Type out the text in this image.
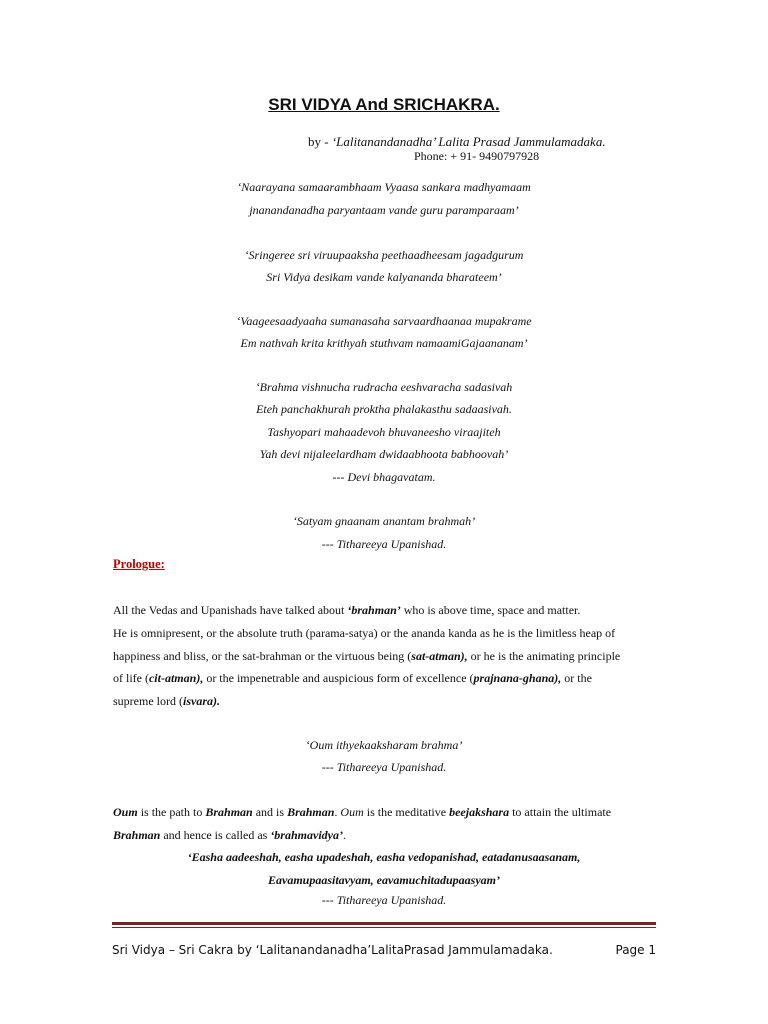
SRI VIDYA And SRICHAKRA.
by - ‘Lalitanandanadha’ Lalita Prasad Jammulamadaka.
Phone: + 91- 9490797928
‘Naarayana samaarambhaam Vyaasa sankara madhyamaam
jnanandanadha paryantaam vande guru paramparaam’
‘Sringeree sri viruupaaksha peethaadheesam jagadgurum
Sri Vidya desikam vande kalyananda bharateem’
‘Vaageesaadyaaha sumanasaha sarvaardhaanaa mupakrame
Em nathvah krita krithyah stuthvam namaamiGajaananam’
‘Brahma vishnucha rudracha eeshvaracha sadasivah
Eteh panchakhurah proktha phalakasthu sadaasivah.
Tashyopari mahaadevoh bhuvaneesho viraajiteh
Yah devi nijaleelardham dwidaabhoota babhoovah’
--- Devi bhagavatam.
‘Satyam gnaanam anantam brahmah’
--- Tithareeya Upanishad.
Prologue:
All the Vedas and Upanishads have talked about ‘brahman’ who is above time, space and matter.
He is omnipresent, or the absolute truth (parama-satya) or the ananda kanda as he is the limitless heap of
happiness and bliss, or the sat-brahman or the virtuous being (sat-atman), or he is the animating principle
of life (cit-atman), or the impenetrable and auspicious form of excellence (prajnana-ghana), or the
supreme lord (isvara).
‘Oum ithyekaaksharam brahma’
--- Tithareeya Upanishad.
Oum is the path to Brahman and is Brahman. Oum is the meditative beejakshara to attain the ultimate
Brahman and hence is called as ‘brahmavidya’.
‘Easha aadeeshah, easha upadeshah, easha vedopanishad, eatadanusaasanam,
Eavamupaasitavyam, eavamuchitadupaasyam’
--- Tithareeya Upanishad.
Sri Vidya – Sri Cakra by ‘Lalitanandanadha’LalitaPrasad Jammulamadaka.	Page 1
